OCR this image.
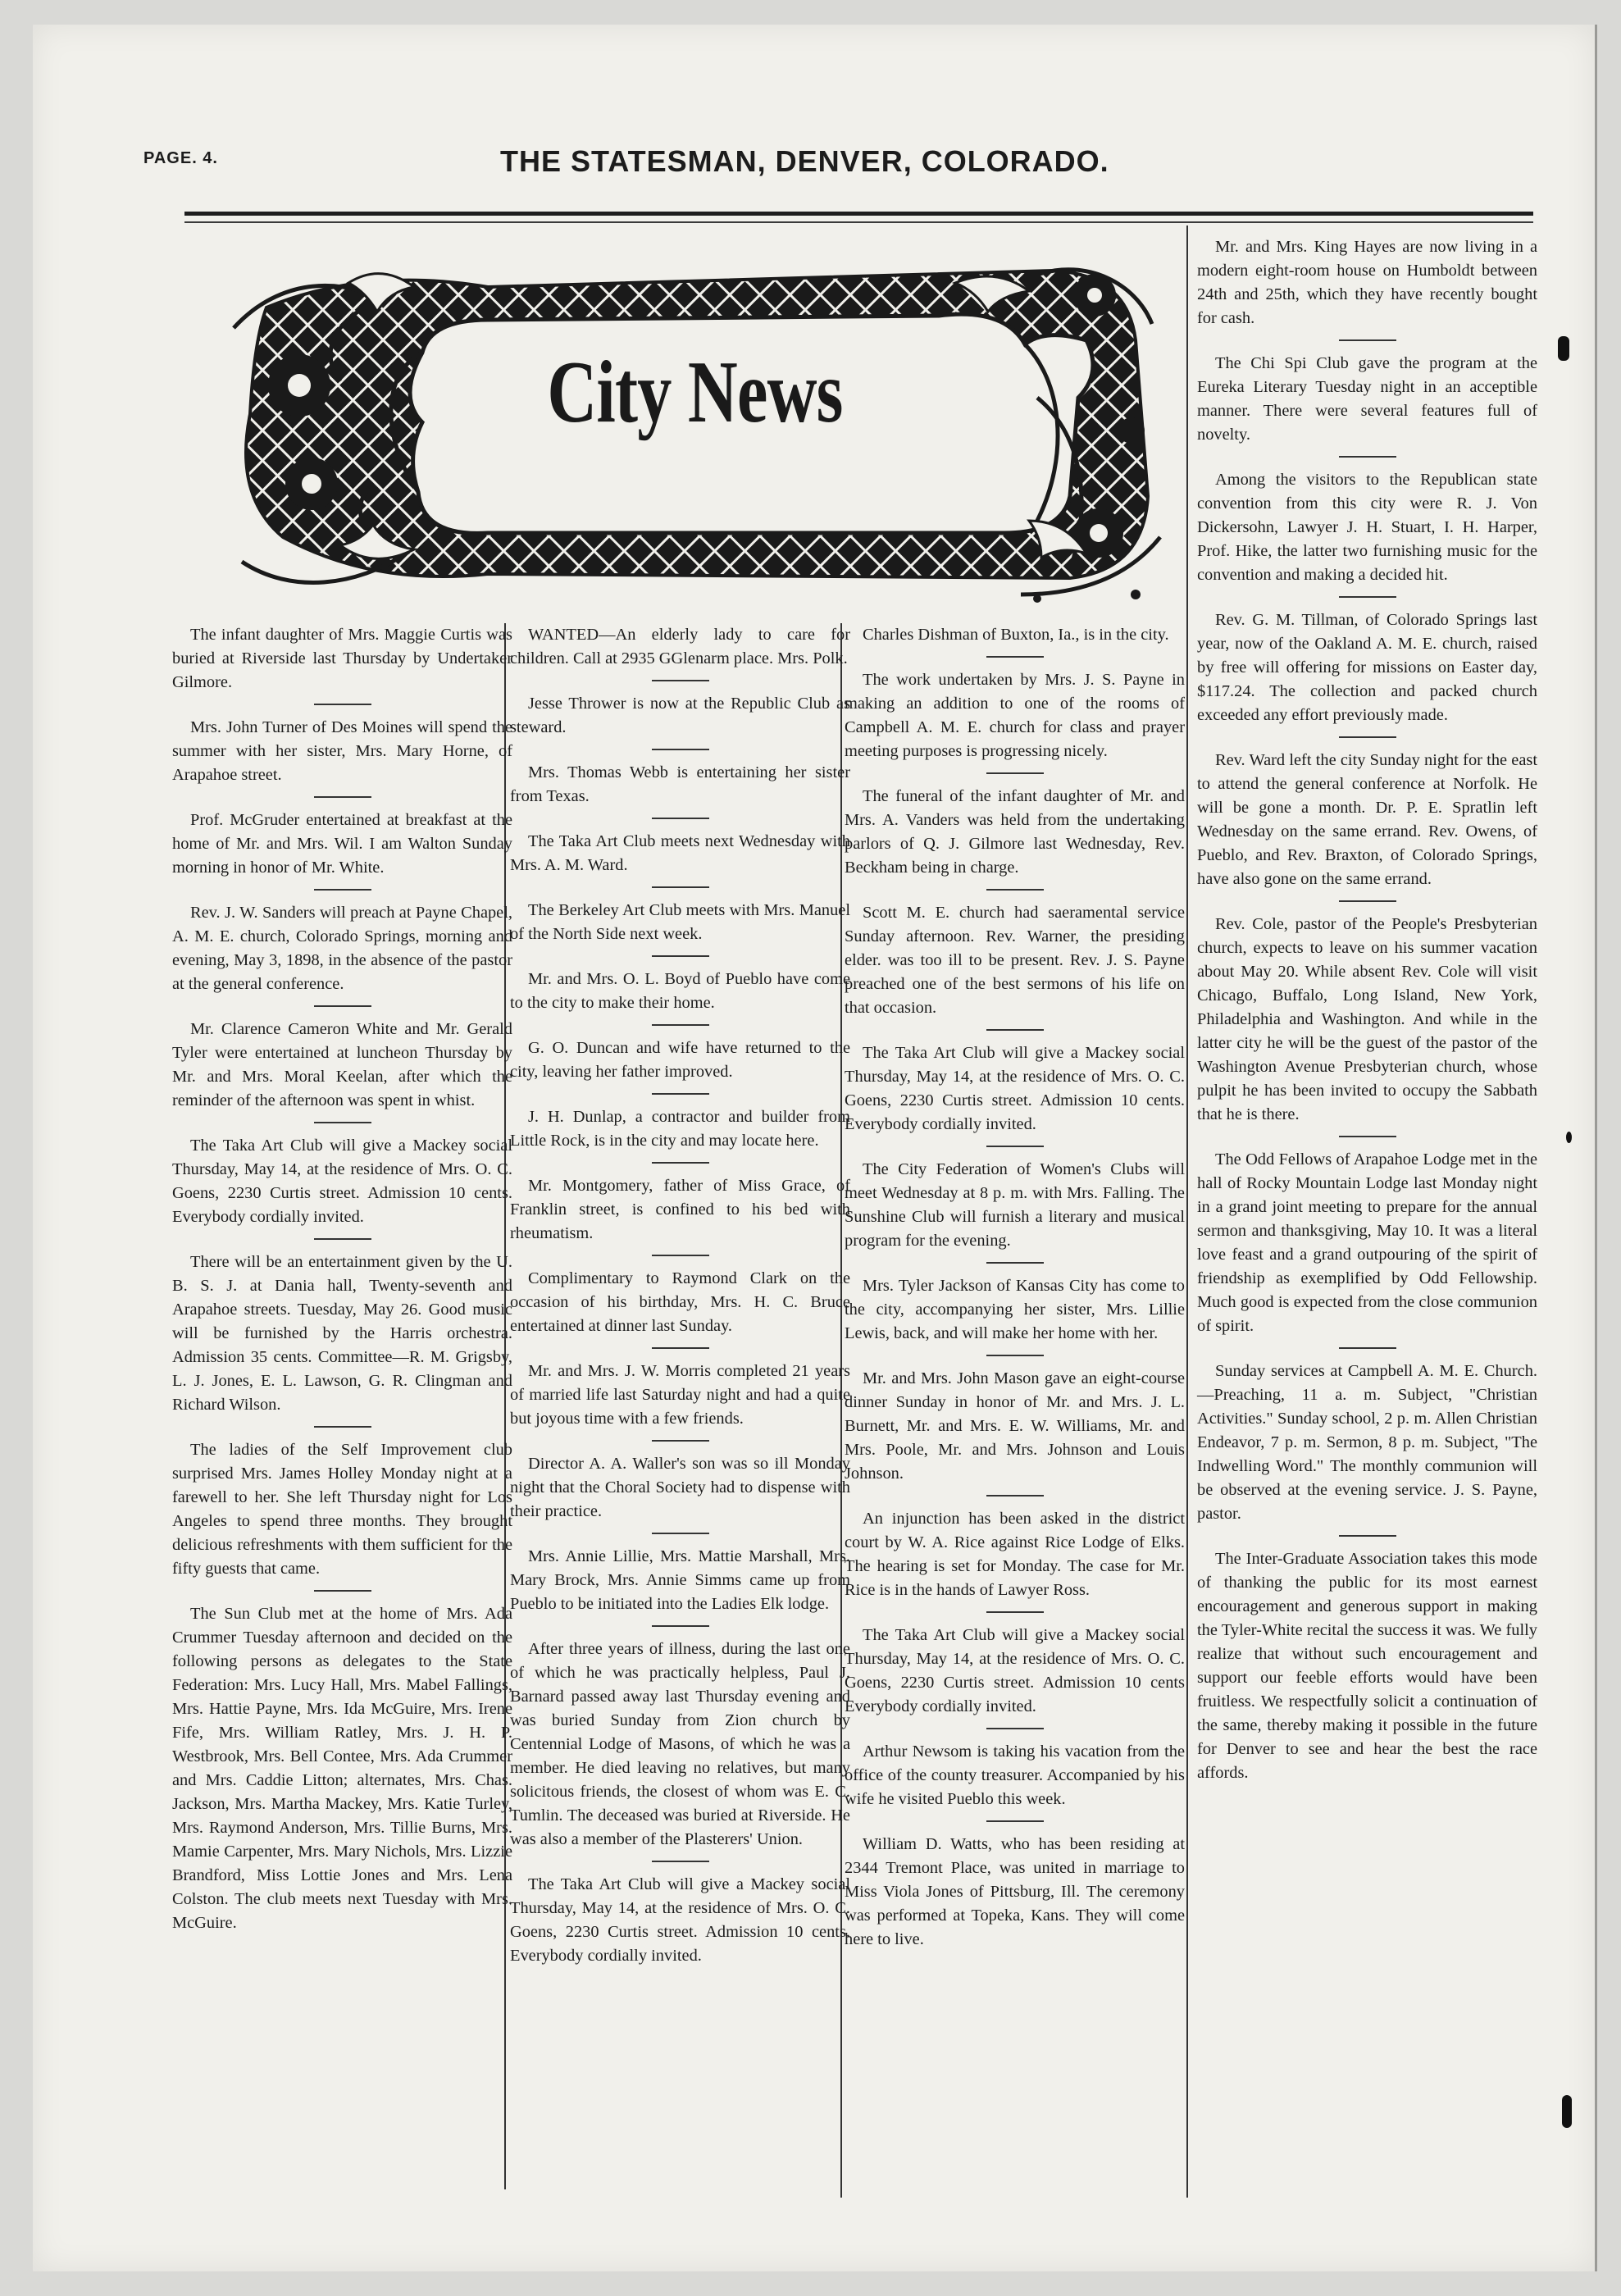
PAGE. 4.	THE STATESMAN, DENVER, COLORADO.
City News

The infant daughter of Mrs. Maggie Curtis was buried at Riverside last Thursday by Undertaker Gilmore.

Mrs. John Turner of Des Moines will spend the summer with her sister, Mrs. Mary Horne, of Arapahoe street.

Prof. McGruder entertained at breakfast at the home of Mr. and Mrs. Wil. I am Walton Sunday morning in honor of Mr. White.

Rev. J. W. Sanders will preach at Payne Chapel, A. M. E. church, Colorado Springs, morning and evening, May 3, 1898, in the absence of the pastor at the general conference.

Mr. Clarence Cameron White and Mr. Gerald Tyler were entertained at luncheon Thursday by Mr. and Mrs. Moral Keelan, after which the reminder of the afternoon was spent in whist.

The Taka Art Club will give a Mackey social Thursday, May 14, at the residence of Mrs. O. C. Goens, 2230 Curtis street. Admission 10 cents. Everybody cordially invited.

There will be an entertainment given by the U. B. S. J. at Dania hall, Twenty-seventh and Arapahoe streets. Tuesday, May 26. Good music will be furnished by the Harris orchestra. Admission 35 cents. Committee—R. M. Grigsby, L. J. Jones, E. L. Lawson, G. R. Clingman and Richard Wilson.

The ladies of the Self Improvement club surprised Mrs. James Holley Monday night at a farewell to her. She left Thursday night for Los Angeles to spend three months. They brought delicious refreshments with them sufficient for the fifty guests that came.

The Sun Club met at the home of Mrs. Ada Crummer Tuesday afternoon and decided on the following persons as delegates to the State Federation: Mrs. Lucy Hall, Mrs. Mabel Fallings, Mrs. Hattie Payne, Mrs. Ida McGuire, Mrs. Irene Fife, Mrs. William Ratley, Mrs. J. H. P. Westbrook, Mrs. Bell Contee, Mrs. Ada Crummer and Mrs. Caddie Litton; alternates, Mrs. Chas. Jackson, Mrs. Martha Mackey, Mrs. Katie Turley, Mrs. Raymond Anderson, Mrs. Tillie Burns, Mrs. Mamie Carpenter, Mrs. Mary Nichols, Mrs. Lizzie Brandford, Miss Lottie Jones and Mrs. Lena Colston. The club meets next Tuesday with Mrs. McGuire.

WANTED—An elderly lady to care for children. Call at 2935 GGlenarm place. Mrs. Polk.

Jesse Thrower is now at the Republic Club as steward.

Mrs. Thomas Webb is entertaining her sister from Texas.

The Taka Art Club meets next Wednesday with Mrs. A. M. Ward.

The Berkeley Art Club meets with Mrs. Manuel of the North Side next week.

Mr. and Mrs. O. L. Boyd of Pueblo have come to the city to make their home.

G. O. Duncan and wife have returned to the city, leaving her father improved.

J. H. Dunlap, a contractor and builder from Little Rock, is in the city and may locate here.

Mr. Montgomery, father of Miss Grace, of Franklin street, is confined to his bed with rheumatism.

Complimentary to Raymond Clark on the occasion of his birthday, Mrs. H. C. Bruce entertained at dinner last Sunday.

Mr. and Mrs. J. W. Morris completed 21 years of married life last Saturday night and had a quite but joyous time with a few friends.

Director A. A. Waller's son was so ill Monday night that the Choral Society had to dispense with their practice.

Mrs. Annie Lillie, Mrs. Mattie Marshall, Mrs. Mary Brock, Mrs. Annie Simms came up from Pueblo to be initiated into the Ladies Elk lodge.

After three years of illness, during the last one of which he was practically helpless, Paul J. Barnard passed away last Thursday evening and was buried Sunday from Zion church by Centennial Lodge of Masons, of which he was a member. He died leaving no relatives, but many solicitous friends, the closest of whom was E. C. Tumlin. The deceased was buried at Riverside. He was also a member of the Plasterers' Union.

The Taka Art Club will give a Mackey social Thursday, May 14, at the residence of Mrs. O. C. Goens, 2230 Curtis street. Admission 10 cents. Everybody cordially invited.

Charles Dishman of Buxton, Ia., is in the city.

The work undertaken by Mrs. J. S. Payne in making an addition to one of the rooms of Campbell A. M. E. church for class and prayer meeting purposes is progressing nicely.

The funeral of the infant daughter of Mr. and Mrs. A. Vanders was held from the undertaking parlors of Q. J. Gilmore last Wednesday, Rev. Beckham being in charge.

Scott M. E. church had saeramental service Sunday afternoon. Rev. Warner, the presiding elder. was too ill to be present. Rev. J. S. Payne preached one of the best sermons of his life on that occasion.

The Taka Art Club will give a Mackey social Thursday, May 14, at the residence of Mrs. O. C. Goens, 2230 Curtis street. Admission 10 cents. Everybody cordially invited.

The City Federation of Women's Clubs will meet Wednesday at 8 p. m. with Mrs. Falling. The Sunshine Club will furnish a literary and musical program for the evening.

Mrs. Tyler Jackson of Kansas City has come to the city, accompanying her sister, Mrs. Lillie Lewis, back, and will make her home with her.

Mr. and Mrs. John Mason gave an eight-course dinner Sunday in honor of Mr. and Mrs. J. L. Burnett, Mr. and Mrs. E. W. Williams, Mr. and Mrs. Poole, Mr. and Mrs. Johnson and Louis Johnson.

An injunction has been asked in the district court by W. A. Rice against Rice Lodge of Elks. The hearing is set for Monday. The case for Mr. Rice is in the hands of Lawyer Ross.

The Taka Art Club will give a Mackey social Thursday, May 14, at the residence of Mrs. O. C. Goens, 2230 Curtis street. Admission 10 cents Everybody cordially invited.

Arthur Newsom is taking his vacation from the office of the county treasurer. Accompanied by his wife he visited Pueblo this week.

William D. Watts, who has been residing at 2344 Tremont Place, was united in marriage to Miss Viola Jones of Pittsburg, Ill. The ceremony was performed at Topeka, Kans. They will come here to live.

Mr. and Mrs. King Hayes are now living in a modern eight-room house on Humboldt between 24th and 25th, which they have recently bought for cash.

The Chi Spi Club gave the program at the Eureka Literary Tuesday night in an acceptible manner. There were several features full of novelty.

Among the visitors to the Republican state convention from this city were R. J. Von Dickersohn, Lawyer J. H. Stuart, I. H. Harper, Prof. Hike, the latter two furnishing music for the convention and making a decided hit.

Rev. G. M. Tillman, of Colorado Springs last year, now of the Oakland A. M. E. church, raised by free will offering for missions on Easter day, $117.24. The collection and packed church exceeded any effort previously made.

Rev. Ward left the city Sunday night for the east to attend the general conference at Norfolk. He will be gone a month. Dr. P. E. Spratlin left Wednesday on the same errand. Rev. Owens, of Pueblo, and Rev. Braxton, of Colorado Springs, have also gone on the same errand.

Rev. Cole, pastor of the People's Presbyterian church, expects to leave on his summer vacation about May 20. While absent Rev. Cole will visit Chicago, Buffalo, Long Island, New York, Philadelphia and Washington. And while in the latter city he will be the guest of the pastor of the Washington Avenue Presbyterian church, whose pulpit he has been invited to occupy the Sabbath that he is there.

The Odd Fellows of Arapahoe Lodge met in the hall of Rocky Mountain Lodge last Monday night in a grand joint meeting to prepare for the annual sermon and thanksgiving, May 10. It was a literal love feast and a grand outpouring of the spirit of friendship as exemplified by Odd Fellowship. Much good is expected from the close communion of spirit.

Sunday services at Campbell A. M. E. Church.—Preaching, 11 a. m. Subject, "Christian Activities." Sunday school, 2 p. m. Allen Christian Endeavor, 7 p. m. Sermon, 8 p. m. Subject, "The Indwelling Word." The monthly communion will be observed at the evening service. J. S. Payne, pastor.

The Inter-Graduate Association takes this mode of thanking the public for its most earnest encouragement and generous support in making the Tyler-White recital the success it was. We fully realize that without such encouragement and support our feeble efforts would have been fruitless. We respectfully solicit a continuation of the same, thereby making it possible in the future for Denver to see and hear the best the race affords.
